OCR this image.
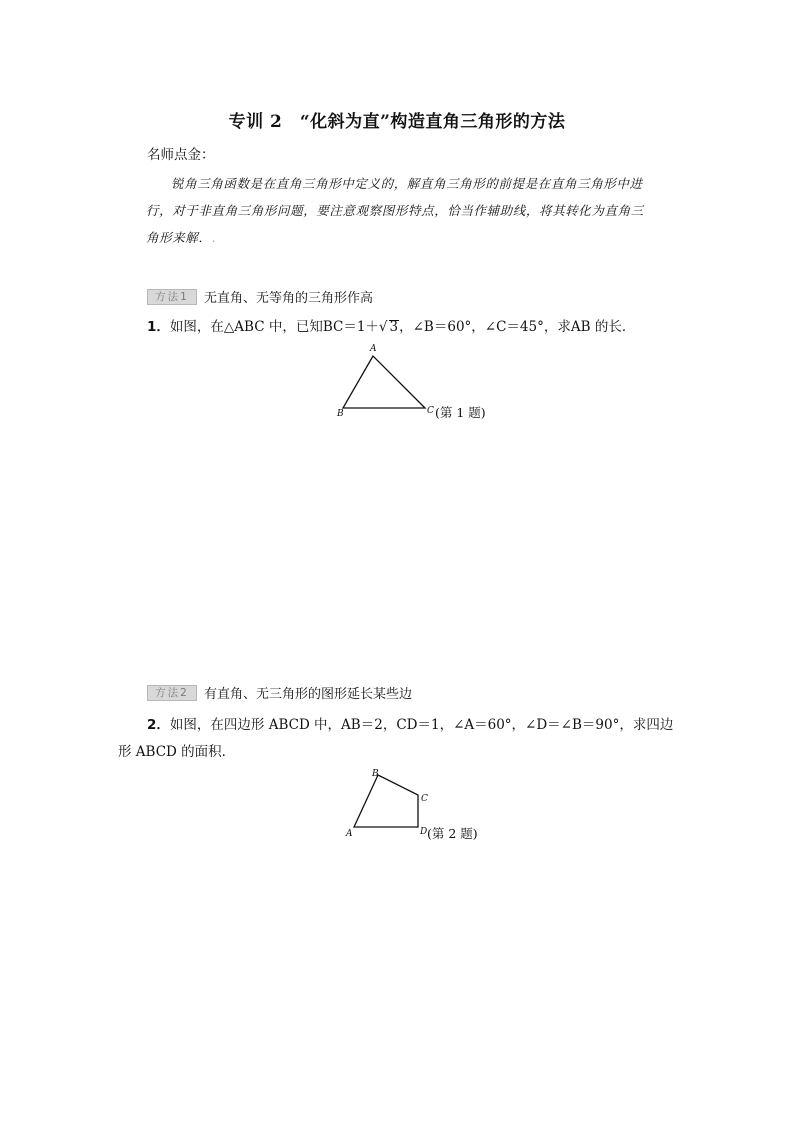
专训 2　“化斜为直”构造直角三角形的方法
名师点金：
锐角三角函数是在直角三角形中定义的，解直角三角形的前提是在直角三角形中进行，对于非直角三角形问题，要注意观察图形特点，恰当作辅助线，将其转化为直角三角形来解．.
方法1	无直角、无等角的三角形作高
1．如图，在△ABC 中，已知BC＝1＋√ 3，∠B＝60°，∠C＝45°，求AB 的长．
A
B	C (第 1 题)
方法2	有直角、无三角形的图形延长某些边
2．如图，在四边形 ABCD 中，AB＝2，CD＝1，∠A＝60°，∠D＝∠B＝90°，求四边形 ABCD 的面积．
A
B
C
D (第 2 题)
